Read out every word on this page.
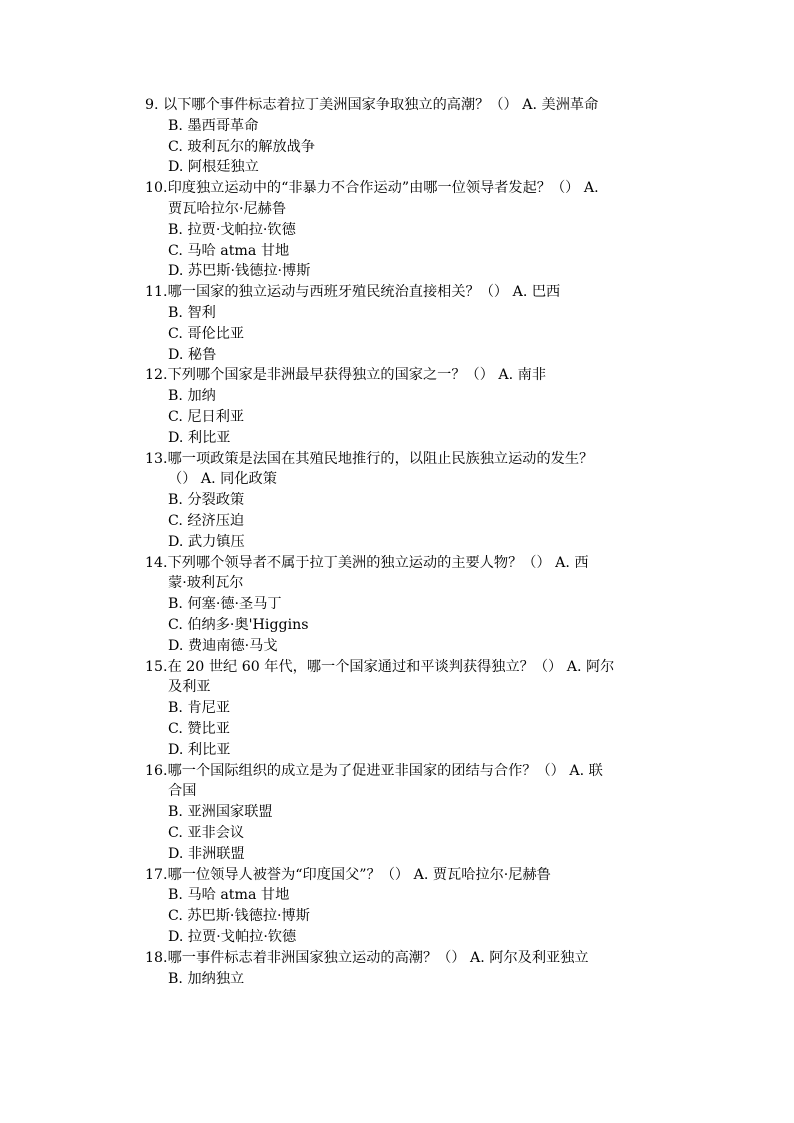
9. 以下哪个事件标志着拉丁美洲国家争取独立的高潮？（） A. 美洲革命
B. 墨西哥革命
C. 玻利瓦尔的解放战争
D. 阿根廷独立
10.印度独立运动中的“非暴力不合作运动”由哪一位领导者发起？（） A.
贾瓦哈拉尔·尼赫鲁
B. 拉贾·戈帕拉·钦德
C. 马哈 atma 甘地
D. 苏巴斯·钱德拉·博斯
11.哪一国家的独立运动与西班牙殖民统治直接相关？（） A. 巴西
B. 智利
C. 哥伦比亚
D. 秘鲁
12.下列哪个国家是非洲最早获得独立的国家之一？（） A. 南非
B. 加纳
C. 尼日利亚
D. 利比亚
13.哪一项政策是法国在其殖民地推行的，以阻止民族独立运动的发生？
（） A. 同化政策
B. 分裂政策
C. 经济压迫
D. 武力镇压
14.下列哪个领导者不属于拉丁美洲的独立运动的主要人物？（） A. 西
蒙·玻利瓦尔
B. 何塞·德·圣马丁
C. 伯纳多·奥'Higgins
D. 费迪南德·马戈
15.在 20 世纪 60 年代，哪一个国家通过和平谈判获得独立？（） A. 阿尔
及利亚
B. 肯尼亚
C. 赞比亚
D. 利比亚
16.哪一个国际组织的成立是为了促进亚非国家的团结与合作？（） A. 联
合国
B. 亚洲国家联盟
C. 亚非会议
D. 非洲联盟
17.哪一位领导人被誉为“印度国父”？（） A. 贾瓦哈拉尔·尼赫鲁
B. 马哈 atma 甘地
C. 苏巴斯·钱德拉·博斯
D. 拉贾·戈帕拉·钦德
18.哪一事件标志着非洲国家独立运动的高潮？（） A. 阿尔及利亚独立
B. 加纳独立
